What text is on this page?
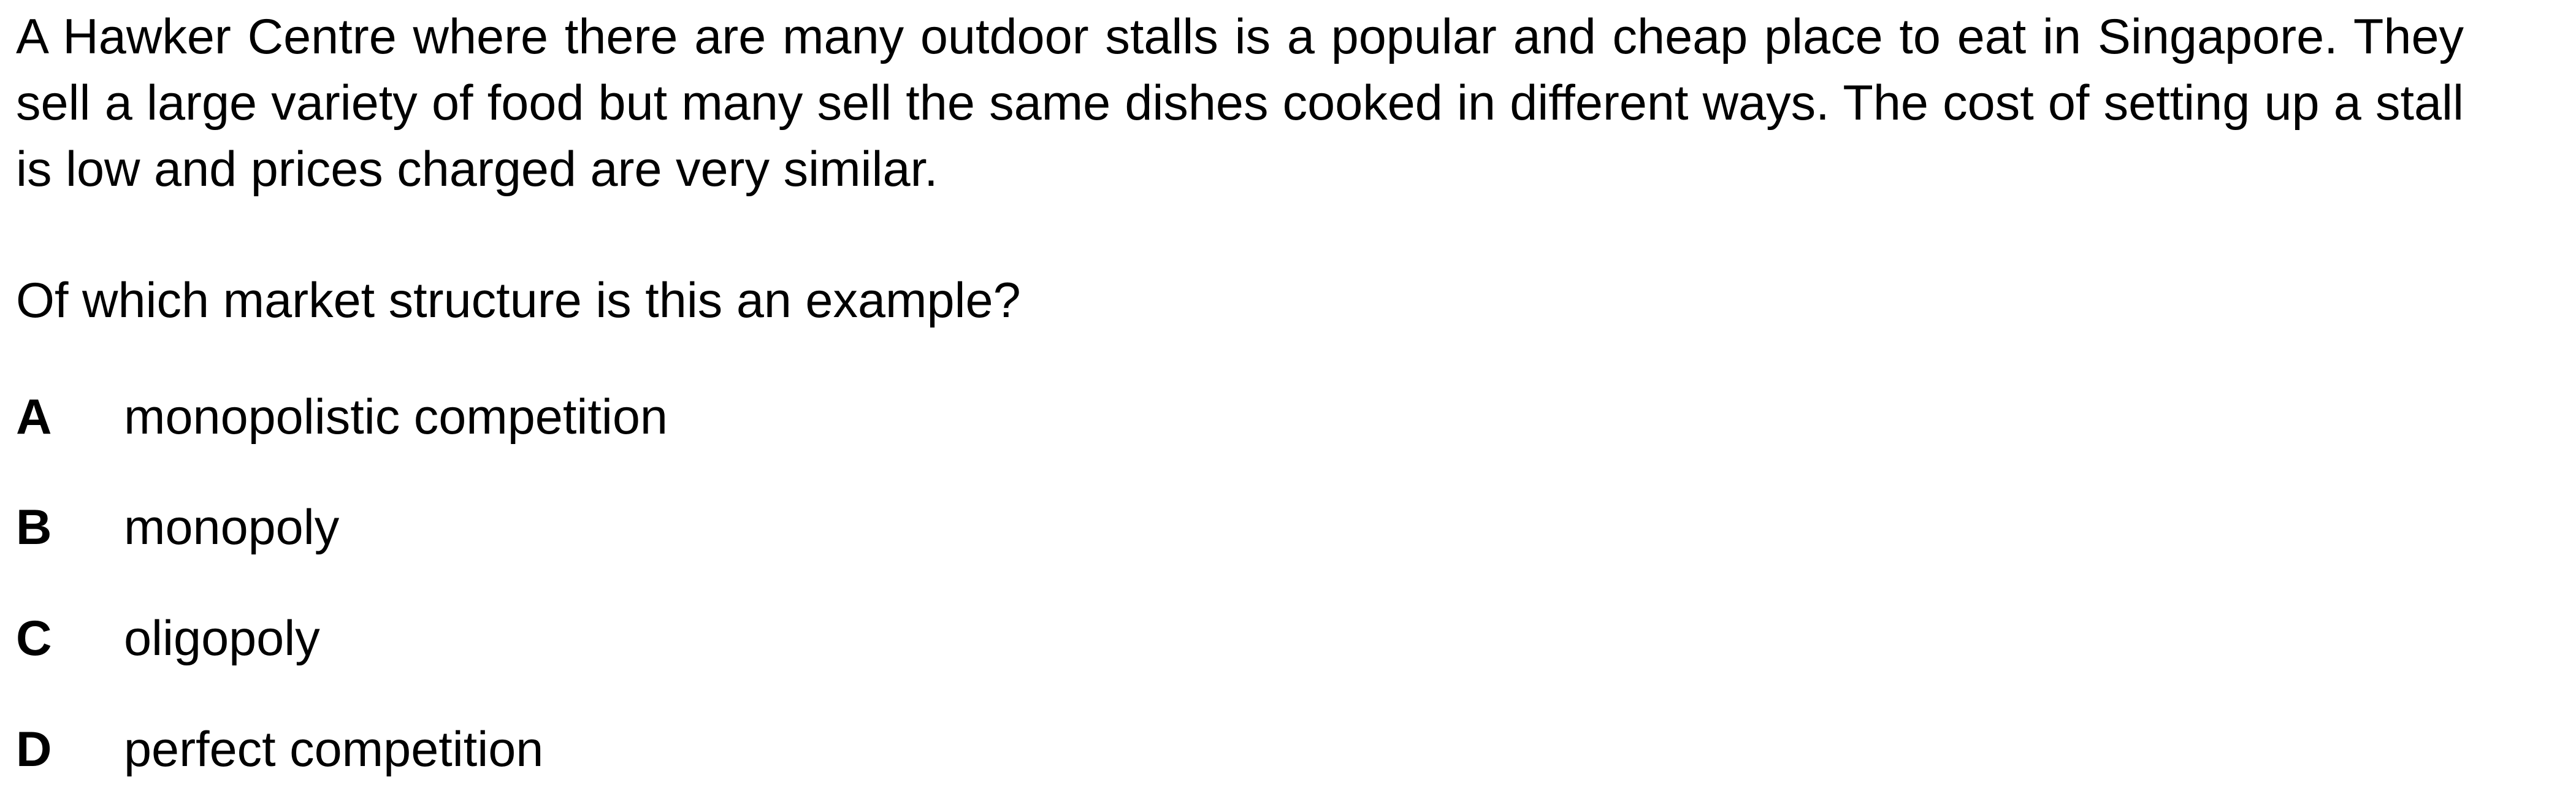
A Hawker Centre where there are many outdoor stalls is a popular and cheap place to eat in Singapore. They sell a large variety of food but many sell the same dishes cooked in different ways. The cost of setting up a stall is low and prices charged are very similar.

Of which market structure is this an example?

A monopolistic competition
B monopoly
C oligopoly
D perfect competition
